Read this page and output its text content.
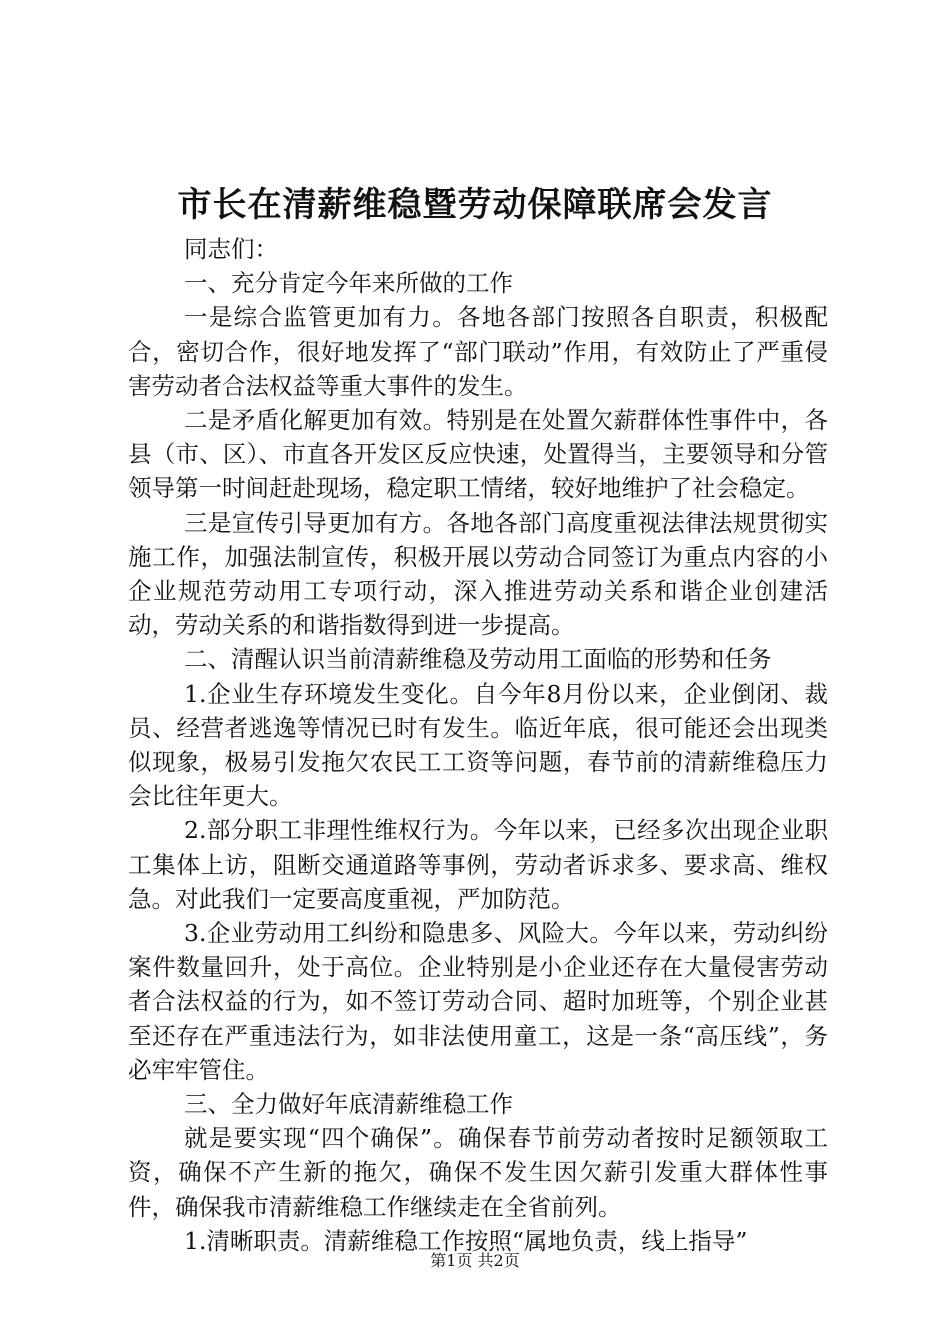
市长在清薪维稳暨劳动保障联席会发言

同志们：

一、充分肯定今年来所做的工作

一是综合监管更加有力。各地各部门按照各自职责，积极配合，密切合作，很好地发挥了“部门联动”作用，有效防止了严重侵害劳动者合法权益等重大事件的发生。

二是矛盾化解更加有效。特别是在处置欠薪群体性事件中，各县（市、区）、市直各开发区反应快速，处置得当，主要领导和分管领导第一时间赶赴现场，稳定职工情绪，较好地维护了社会稳定。

三是宣传引导更加有方。各地各部门高度重视法律法规贯彻实施工作，加强法制宣传，积极开展以劳动合同签订为重点内容的小企业规范劳动用工专项行动，深入推进劳动关系和谐企业创建活动，劳动关系的和谐指数得到进一步提高。

二、清醒认识当前清薪维稳及劳动用工面临的形势和任务

1.企业生存环境发生变化。自今年8月份以来，企业倒闭、裁员、经营者逃逸等情况已时有发生。临近年底，很可能还会出现类似现象，极易引发拖欠农民工工资等问题，春节前的清薪维稳压力会比往年更大。

2.部分职工非理性维权行为。今年以来，已经多次出现企业职工集体上访，阻断交通道路等事例，劳动者诉求多、要求高、维权急。对此我们一定要高度重视，严加防范。

3.企业劳动用工纠纷和隐患多、风险大。今年以来，劳动纠纷案件数量回升，处于高位。企业特别是小企业还存在大量侵害劳动者合法权益的行为，如不签订劳动合同、超时加班等，个别企业甚至还存在严重违法行为，如非法使用童工，这是一条“高压线”，务必牢牢管住。

三、全力做好年底清薪维稳工作

就是要实现“四个确保”。确保春节前劳动者按时足额领取工资，确保不产生新的拖欠，确保不发生因欠薪引发重大群体性事件，确保我市清薪维稳工作继续走在全省前列。

1.清晰职责。清薪维稳工作按照“属地负责，线上指导”

第1页 共2页
